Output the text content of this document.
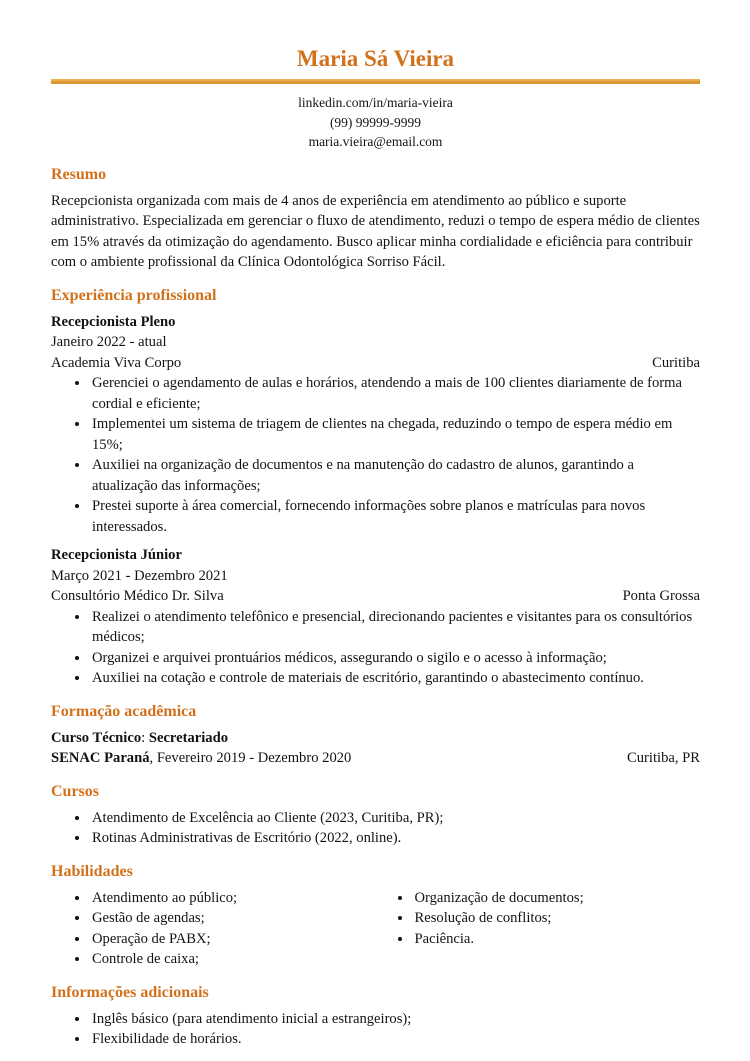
Maria Sá Vieira
linkedin.com/in/maria-vieira
(99) 99999-9999
maria.vieira@email.com
Resumo

Recepcionista organizada com mais de 4 anos de experiência em atendimento ao público e suporte administrativo. Especializada em gerenciar o fluxo de atendimento, reduzi o tempo de espera médio de clientes em 15% através da otimização do agendamento. Busco aplicar minha cordialidade e eficiência para contribuir com o ambiente profissional da Clínica Odontológica Sorriso Fácil.

Experiência profissional
Recepcionista Pleno
Janeiro 2022 - atual
Academia Viva Corpo	Curitiba
• Gerenciei o agendamento de aulas e horários, atendendo a mais de 100 clientes diariamente de forma cordial e eficiente;
• Implementei um sistema de triagem de clientes na chegada, reduzindo o tempo de espera médio em 15%;
• Auxiliei na organização de documentos e na manutenção do cadastro de alunos, garantindo a atualização das informações;
• Prestei suporte à área comercial, fornecendo informações sobre planos e matrículas para novos interessados.
Recepcionista Júnior
Março 2021 - Dezembro 2021
Consultório Médico Dr. Silva	Ponta Grossa
• Realizei o atendimento telefônico e presencial, direcionando pacientes e visitantes para os consultórios médicos;
• Organizei e arquivei prontuários médicos, assegurando o sigilo e o acesso à informação;
• Auxiliei na cotação e controle de materiais de escritório, garantindo o abastecimento contínuo.
Formação acadêmica
Curso Técnico: Secretariado
SENAC Paraná, Fevereiro 2019 - Dezembro 2020	Curitiba, PR
Cursos
• Atendimento de Excelência ao Cliente (2023, Curitiba, PR);
• Rotinas Administrativas de Escritório (2022, online).
Habilidades
• Atendimento ao público;
• Gestão de agendas;
• Operação de PABX;
• Controle de caixa;
• Organização de documentos;
• Resolução de conflitos;
• Paciência.
Informações adicionais
• Inglês básico (para atendimento inicial a estrangeiros);
• Flexibilidade de horários.
